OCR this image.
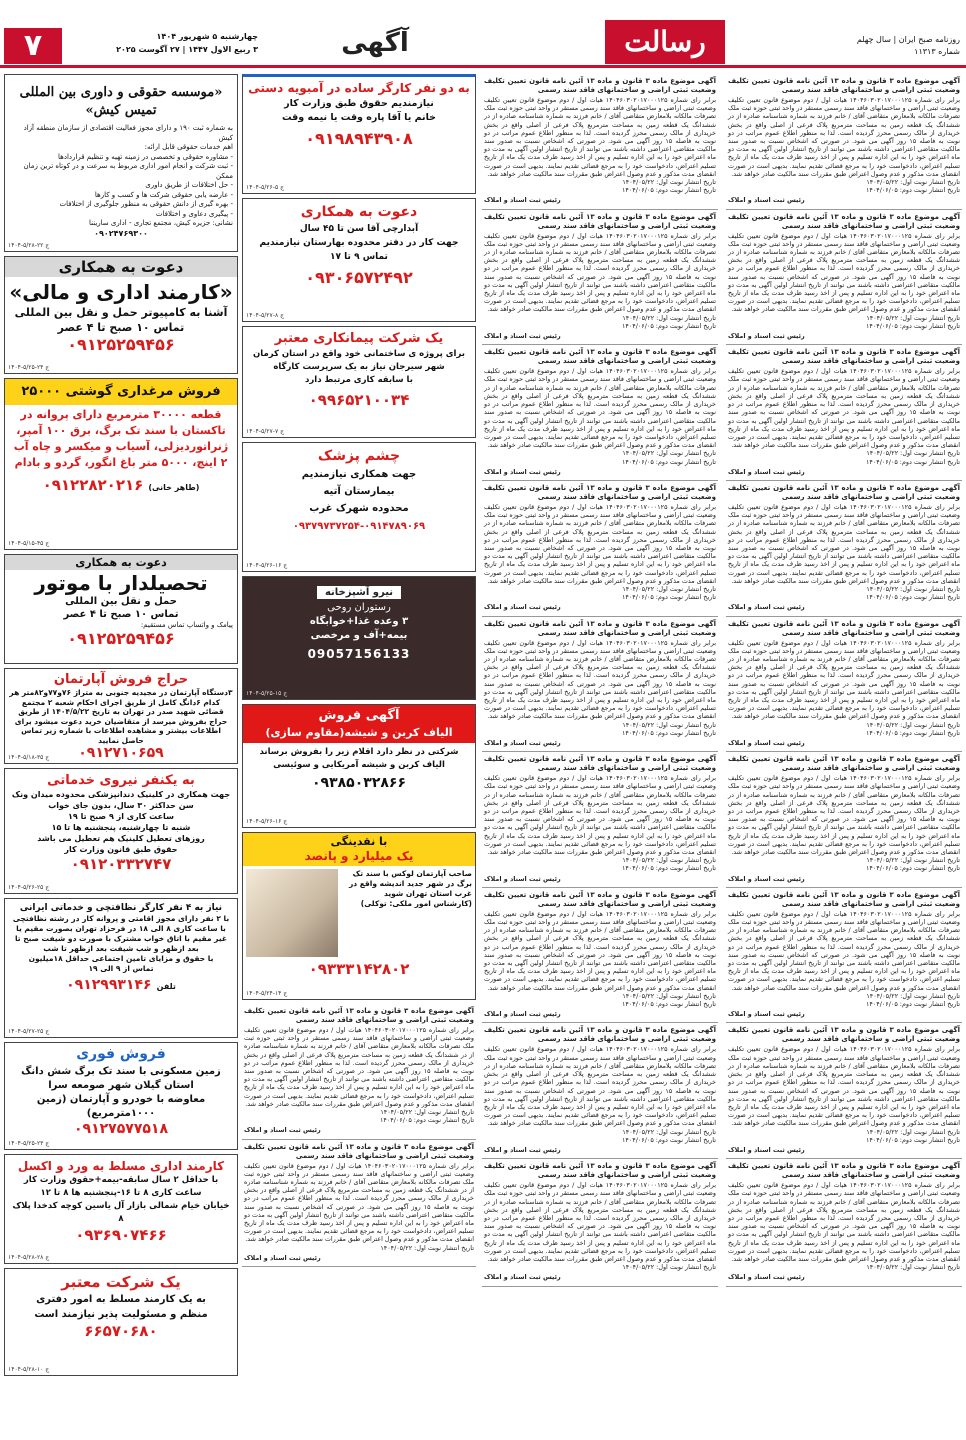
۷	چهارشنبه ۵ شهریور ۱۴۰۴
۳ ربیع الاول ۱۴۴۷ | ۲۷ آگوست ۲۰۲۵	آگهی	رسالت	روزنامه صبح ایران | سال چهلم
شماره ۱۱۳۱۳
«موسسه حقوقی و داوری بین المللی تمیس کیش»
به شماره ثبت ۱۹۰ و دارای مجوز فعالیت اقتصادی از سازمان منطقه آزاد کیش
اهم خدمات حقوقی قابل ارائه:
- مشاوره حقوقی و تخصصی در زمینه تهیه و تنظیم قراردادها
- ثبت شرکت و انجام امور اداری مربوط به سرعت و در کوتاه ترین زمان ممکن
- حل اختلافات از طریق داوری
- عارضه یابی حقوقی شرکت ها و کسب و کارها
- بهره گیری از دانش حقوقی به منظور جلوگیری از اختلافات
- پیگیری دعاوی و اختلافات
نشانی: جزیره کیش، مجتمع تجاری - اداری ساریننا
۰۹۰۲۴۷۶۹۳۰۰
ج ۲۲-۵/۲۸-۱۴۰۴
دعوت به همکاری
«کارمند اداری و مالی»
آشنا به کامپیوتر حمل و نقل بین المللی
تماس ۱۰ صبح تا ۴ عصر
۰۹۱۲۵۲۵۹۴۵۶
ج ۲۴-۵/۲۵-۱۴۰۴
فروش مرغداری گوشتی ۲۵۰۰۰
قطعه ۳۰۰۰۰ مترمربع دارای پروانه در تاکستان با سند تک برگ، برق ۱۰۰ آمپر، ژنراتوردیزلی، آسیاب و میکسر و چاه آب ۲ اینچ، ۵۰۰۰ متر باغ انگور، گردو و بادام
(طاهر خانی) ۰۹۱۲۲۸۲۰۲۱۶
ج ۴۵-۵/۱۵-۱۴۰۴
دعوت به همکاری
تحصیلدار با موتور
حمل و نقل بین المللی
تماس ۱۰ صبح تا ۴ عصر
پیامک و واتساپ تماس مستقیم:
۰۹۱۲۵۲۵۹۴۵۶
حراج فروش آپارتمان
۳دستگاه آپارتمان در مجیدیه جنوبی به متراژ ۷۶و۷۷و۸۲متر هر کدام ۶دانگ کامل از طریق اجرای احکام شعبه ۲ مجتمع قضائی شهید صدر در تهران به تاریخ ۱۴۰۴/۵/۲۲ از طریق حراج بفروش میرسد از متقاضیان خرید دعوت میشود برای اطلاعات بیشتر و مشاهده اطلاعات با شماره زیر تماس حاصل نمایید
۰۹۱۲۷۱۰۶۵۹
ج ۳۵-۵/۱۸-۱۴۰۴
به یکنفر نیروی خدماتی
جهت همکاری در کلینیک دندانپزشکی محدوده میدان ونک
سن حداکثر ۳۰ سال، بدون جای خواب
ساعت کاری از ۹ صبح تا ۱۹
شنبه تا چهارشنبه، پنجشنبه ها تا ۱۵
روزهای تعطیل کلینیک هم تعطیل می باشد
حقوق طبق قانون وزارت کار
۰۹۱۲۰۳۳۲۷۴۷
ج ۲۵-۵/۲۶-۱۴۰۴
نیاز به ۴ نفر کارگر نظافتچی و خدماتی ایرانی
با ۲ نفر دارای مجوز اقامتی و پروانه کار در رشته نظافتچی با ساعت کاری ۸ الی ۱۸ در فرحزاد تهران بصورت مقیم یا غیر مقیم با اتاق خواب مشترک با صورت دو شیفت صبح تا بعد ازظهر و شب شیفت بعد ازظهر تا شب
با حقوق و مزایای تامین اجتماعی حداقل ۱۸میلیون
تماس از ۹ الی ۱۹
تلفن ۰۹۱۲۹۹۳۱۴۶
ج ۲۵-۵/۲۷-۱۴۰۴
فروش فوری
زمین مسکونی با سند تک برگ شش دانگ
استان گیلان شهر صومعه سرا
معاوضه با خودرو و آپارتمان (زمین ۱۰۰۰مترمربع)
۰۹۱۲۷۵۷۷۵۱۸
ج ۲۳-۵/۲۵-۱۴۰۴
کارمند اداری مسلط به ورد و اکسل
با حداقل ۲ سال سابقه-بیمه+حقوق وزارت کار
ساعت کاری ۸ تا ۱۶-پنجشنبه ها ۸ تا ۱۲
خیابان خیام شمالی بازار آل یاسین کوچه کدخدا پلاک ۸
۰۹۳۶۹۰۷۴۶۶
ج ۲۸-۵/۲۸-۱۴۰۴
یک شرکت معتبر
به یک کارمند مسلط به امور دفتری
منظم و مسئولیت پذیر نیازمند است
۶۶۵۷۰۶۸۰
ج ۱۰-۵/۲۸-۱۴۰۴
به دو نفر کارگر ساده در آمبویه دستی
نیازمندیم حقوق طبق وزارت کار
خانم یا آقا پاره وقت یا نیمه وقت
۰۹۱۹۸۹۴۳۹۰۸
ج ۵-۵/۲۶-۱۴۰۴
دعوت به همکاری
آبدارچی آقا سن تا ۴۵ سال
جهت کار در دفتر محدوده بهارستان نیازمندیم
تماس ۹ تا ۱۷
۰۹۳۰۶۵۷۲۴۹۲
ج ۸-۵/۲۷-۱۴۰۴
یک شرکت پیمانکاری معتبر
برای پروژه ی ساختمانی خود واقع در استان کرمان
شهر سیرجان نیاز به یک سرپرست کارگاه
با سابقه کاری مرتبط دارد
۰۹۹۶۵۲۱۰۰۳۴
ج ۷-۵/۲۷-۱۴۰۴
چشم پزشک
جهت همکاری نیازمندیم
بیمارستان آتیه
محدوده شهرک غرب
۰۹۳۷۹۷۳۷۲۵۴-۰۹۱۴۷۸۹۰۶۹
ج ۱۶-۵/۲۶-۱۴۰۴
نیرو آشپزخانه
رستوران روحی
۳ وعده غذا+خوابگاه
بیمه+آف و مرخصی
09057156133
ج ۱۵-۵/۲۵-۱۴۰۴
آگهی فروش
الیاف کربن و شیشه(مقاوم سازی)
شرکتی در نظر دارد اقلام زیر را بفروش برساند
الیاف کربن و شیشه آمریکایی و سوئیسی
۰۹۳۸۵۰۳۲۸۶۶
ج ۱۶-۵/۲۶-۱۴۰۴
با نقدینگی
یک میلیارد و پانصد
صاحب آپارتمان لوکس با سند تک برگ در شهر جدید اندیشه واقع در غرب استان تهران شوید
(کارشناس امور ملکی: توکلی)
۰۹۳۳۳۱۴۲۸۰۲
ج ۱۴-۵/۲۴-۱۴۰۴
آگهی موضوع ماده ۳ قانون و ماده ۱۳ آئین نامه قانون تعیین تکلیف وضعیت ثبتی اراضی و ساختمانهای فاقد سند رسمی

برابر رای شماره ۱۴۰۴۶۰۳۰۲۰۱۷۰۰۰۱۲۵ هیات اول / دوم موضوع قانون تعیین تکلیف وضعیت ثبتی اراضی و ساختمانهای فاقد سند رسمی مستقر در واحد ثبتی حوزه ثبت ملک تصرفات مالکانه بلامعارض متقاضی آقای / خانم فرزند به شماره شناسنامه صادره از در ششدانگ یک قطعه زمین به مساحت مترمربع پلاک فرعی از اصلی واقع در بخش خریداری از مالک رسمی محرز گردیده است. لذا به منظور اطلاع عموم مراتب در دو نوبت به فاصله ۱۵ روز آگهی می شود. در صورتی که اشخاص نسبت به صدور سند مالکیت متقاضی اعتراضی داشته باشند می توانند از تاریخ انتشار اولین آگهی به مدت دو ماه اعتراض خود را به این اداره تسلیم و پس از اخذ رسید ظرف مدت یک ماه از تاریخ تسلیم اعتراض، دادخواست خود را به مرجع قضائی تقدیم نمایند. بدیهی است در صورت انقضای مدت مذکور و عدم وصول اعتراض طبق مقررات سند مالکیت صادر خواهد شد.

تاریخ انتشار نوبت اول: ۱۴۰۴/۰۵/۲۲

تاریخ انتشار نوبت دوم: ۱۴۰۴/۰۶/۰۵

رئیس ثبت اسناد و املاک

آگهی موضوع ماده ۳ قانون و ماده ۱۳ آئین نامه قانون تعیین تکلیف وضعیت ثبتی اراضی و ساختمانهای فاقد سند رسمی

برابر رای شماره ۱۴۰۴۶۰۳۰۲۰۱۷۰۰۰۱۲۵ هیات اول / دوم موضوع قانون تعیین تکلیف وضعیت ثبتی اراضی و ساختمانهای فاقد سند رسمی مستقر در واحد ثبتی حوزه ثبت ملک تصرفات مالکانه بلامعارض متقاضی آقای / خانم فرزند به شماره شناسنامه صادره از در ششدانگ یک قطعه زمین به مساحت مترمربع پلاک فرعی از اصلی واقع در بخش خریداری از مالک رسمی محرز گردیده است. لذا به منظور اطلاع عموم مراتب در دو نوبت به فاصله ۱۵ روز آگهی می شود. در صورتی که اشخاص نسبت به صدور سند مالکیت متقاضی اعتراضی داشته باشند می توانند از تاریخ انتشار اولین آگهی به مدت دو ماه اعتراض خود را به این اداره تسلیم و پس از اخذ رسید ظرف مدت یک ماه از تاریخ تسلیم اعتراض، دادخواست خود را به مرجع قضائی تقدیم نمایند. بدیهی است در صورت انقضای مدت مذکور و عدم وصول اعتراض طبق مقررات سند مالکیت صادر خواهد شد.

تاریخ انتشار نوبت اول: ۱۴۰۴/۰۵/۲۲

رئیس ثبت اسناد و املاک

آگهی موضوع ماده ۳ قانون و ماده ۱۳ آئین نامه قانون تعیین تکلیف وضعیت ثبتی اراضی و ساختمانهای فاقد سند رسمی

برابر رای شماره ۱۴۰۴۶۰۳۰۲۰۱۷۰۰۰۱۲۵ هیات اول / دوم موضوع قانون تعیین تکلیف وضعیت ثبتی اراضی و ساختمانهای فاقد سند رسمی مستقر در واحد ثبتی حوزه ثبت ملک تصرفات مالکانه بلامعارض متقاضی آقای / خانم فرزند به شماره شناسنامه صادره از در ششدانگ یک قطعه زمین به مساحت مترمربع پلاک فرعی از اصلی واقع در بخش خریداری از مالک رسمی محرز گردیده است. لذا به منظور اطلاع عموم مراتب در دو نوبت به فاصله ۱۵ روز آگهی می شود. در صورتی که اشخاص نسبت به صدور سند مالکیت متقاضی اعتراضی داشته باشند می توانند از تاریخ انتشار اولین آگهی به مدت دو ماه اعتراض خود را به این اداره تسلیم و پس از اخذ رسید ظرف مدت یک ماه از تاریخ تسلیم اعتراض، دادخواست خود را به مرجع قضائی تقدیم نمایند. بدیهی است در صورت انقضای مدت مذکور و عدم وصول اعتراض طبق مقررات سند مالکیت صادر خواهد شد.

تاریخ انتشار نوبت اول: ۱۴۰۴/۰۵/۲۲

تاریخ انتشار نوبت دوم: ۱۴۰۴/۰۶/۰۵

رئیس ثبت اسناد و املاک

آگهی موضوع ماده ۳ قانون و ماده ۱۳ آئین نامه قانون تعیین تکلیف وضعیت ثبتی اراضی و ساختمانهای فاقد سند رسمی

برابر رای شماره ۱۴۰۴۶۰۳۰۲۰۱۷۰۰۰۱۲۵ هیات اول / دوم موضوع قانون تعیین تکلیف وضعیت ثبتی اراضی و ساختمانهای فاقد سند رسمی مستقر در واحد ثبتی حوزه ثبت ملک تصرفات مالکانه بلامعارض متقاضی آقای / خانم فرزند به شماره شناسنامه صادره از در ششدانگ یک قطعه زمین به مساحت مترمربع پلاک فرعی از اصلی واقع در بخش خریداری از مالک رسمی محرز گردیده است. لذا به منظور اطلاع عموم مراتب در دو نوبت به فاصله ۱۵ روز آگهی می شود. در صورتی که اشخاص نسبت به صدور سند مالکیت متقاضی اعتراضی داشته باشند می توانند از تاریخ انتشار اولین آگهی به مدت دو ماه اعتراض خود را به این اداره تسلیم و پس از اخذ رسید ظرف مدت یک ماه از تاریخ تسلیم اعتراض، دادخواست خود را به مرجع قضائی تقدیم نمایند. بدیهی است در صورت انقضای مدت مذکور و عدم وصول اعتراض طبق مقررات سند مالکیت صادر خواهد شد.

تاریخ انتشار نوبت اول: ۱۴۰۴/۰۵/۲۲

تاریخ انتشار نوبت دوم: ۱۴۰۴/۰۶/۰۵

رئیس ثبت اسناد و املاک

آگهی موضوع ماده ۳ قانون و ماده ۱۳ آئین نامه قانون تعیین تکلیف وضعیت ثبتی اراضی و ساختمانهای فاقد سند رسمی

برابر رای شماره ۱۴۰۴۶۰۳۰۲۰۱۷۰۰۰۱۲۵ هیات اول / دوم موضوع قانون تعیین تکلیف وضعیت ثبتی اراضی و ساختمانهای فاقد سند رسمی مستقر در واحد ثبتی حوزه ثبت ملک تصرفات مالکانه بلامعارض متقاضی آقای / خانم فرزند به شماره شناسنامه صادره از در ششدانگ یک قطعه زمین به مساحت مترمربع پلاک فرعی از اصلی واقع در بخش خریداری از مالک رسمی محرز گردیده است. لذا به منظور اطلاع عموم مراتب در دو نوبت به فاصله ۱۵ روز آگهی می شود. در صورتی که اشخاص نسبت به صدور سند مالکیت متقاضی اعتراضی داشته باشند می توانند از تاریخ انتشار اولین آگهی به مدت دو ماه اعتراض خود را به این اداره تسلیم و پس از اخذ رسید ظرف مدت یک ماه از تاریخ تسلیم اعتراض، دادخواست خود را به مرجع قضائی تقدیم نمایند. بدیهی است در صورت انقضای مدت مذکور و عدم وصول اعتراض طبق مقررات سند مالکیت صادر خواهد شد.

تاریخ انتشار نوبت اول: ۱۴۰۴/۰۵/۲۲

تاریخ انتشار نوبت دوم: ۱۴۰۴/۰۶/۰۵

رئیس ثبت اسناد و املاک

آگهی موضوع ماده ۳ قانون و ماده ۱۳ آئین نامه قانون تعیین تکلیف وضعیت ثبتی اراضی و ساختمانهای فاقد سند رسمی

برابر رای شماره ۱۴۰۴۶۰۳۰۲۰۱۷۰۰۰۱۲۵ هیات اول / دوم موضوع قانون تعیین تکلیف وضعیت ثبتی اراضی و ساختمانهای فاقد سند رسمی مستقر در واحد ثبتی حوزه ثبت ملک تصرفات مالکانه بلامعارض متقاضی آقای / خانم فرزند به شماره شناسنامه صادره از در ششدانگ یک قطعه زمین به مساحت مترمربع پلاک فرعی از اصلی واقع در بخش خریداری از مالک رسمی محرز گردیده است. لذا به منظور اطلاع عموم مراتب در دو نوبت به فاصله ۱۵ روز آگهی می شود. در صورتی که اشخاص نسبت به صدور سند مالکیت متقاضی اعتراضی داشته باشند می توانند از تاریخ انتشار اولین آگهی به مدت دو ماه اعتراض خود را به این اداره تسلیم و پس از اخذ رسید ظرف مدت یک ماه از تاریخ تسلیم اعتراض، دادخواست خود را به مرجع قضائی تقدیم نمایند. بدیهی است در صورت انقضای مدت مذکور و عدم وصول اعتراض طبق مقررات سند مالکیت صادر خواهد شد.

تاریخ انتشار نوبت اول: ۱۴۰۴/۰۵/۲۲

تاریخ انتشار نوبت دوم: ۱۴۰۴/۰۶/۰۵

رئیس ثبت اسناد و املاک

آگهی موضوع ماده ۳ قانون و ماده ۱۳ آئین نامه قانون تعیین تکلیف وضعیت ثبتی اراضی و ساختمانهای فاقد سند رسمی

برابر رای شماره ۱۴۰۴۶۰۳۰۲۰۱۷۰۰۰۱۲۵ هیات اول / دوم موضوع قانون تعیین تکلیف وضعیت ثبتی اراضی و ساختمانهای فاقد سند رسمی مستقر در واحد ثبتی حوزه ثبت ملک تصرفات مالکانه بلامعارض متقاضی آقای / خانم فرزند به شماره شناسنامه صادره از در ششدانگ یک قطعه زمین به مساحت مترمربع پلاک فرعی از اصلی واقع در بخش خریداری از مالک رسمی محرز گردیده است. لذا به منظور اطلاع عموم مراتب در دو نوبت به فاصله ۱۵ روز آگهی می شود. در صورتی که اشخاص نسبت به صدور سند مالکیت متقاضی اعتراضی داشته باشند می توانند از تاریخ انتشار اولین آگهی به مدت دو ماه اعتراض خود را به این اداره تسلیم و پس از اخذ رسید ظرف مدت یک ماه از تاریخ تسلیم اعتراض، دادخواست خود را به مرجع قضائی تقدیم نمایند. بدیهی است در صورت انقضای مدت مذکور و عدم وصول اعتراض طبق مقررات سند مالکیت صادر خواهد شد.

تاریخ انتشار نوبت اول: ۱۴۰۴/۰۵/۲۲

تاریخ انتشار نوبت دوم: ۱۴۰۴/۰۶/۰۵

رئیس ثبت اسناد و املاک

آگهی موضوع ماده ۳ قانون و ماده ۱۳ آئین نامه قانون تعیین تکلیف وضعیت ثبتی اراضی و ساختمانهای فاقد سند رسمی

برابر رای شماره ۱۴۰۴۶۰۳۰۲۰۱۷۰۰۰۱۲۵ هیات اول / دوم موضوع قانون تعیین تکلیف وضعیت ثبتی اراضی و ساختمانهای فاقد سند رسمی مستقر در واحد ثبتی حوزه ثبت ملک تصرفات مالکانه بلامعارض متقاضی آقای / خانم فرزند به شماره شناسنامه صادره از در ششدانگ یک قطعه زمین به مساحت مترمربع پلاک فرعی از اصلی واقع در بخش خریداری از مالک رسمی محرز گردیده است. لذا به منظور اطلاع عموم مراتب در دو نوبت به فاصله ۱۵ روز آگهی می شود. در صورتی که اشخاص نسبت به صدور سند مالکیت متقاضی اعتراضی داشته باشند می توانند از تاریخ انتشار اولین آگهی به مدت دو ماه اعتراض خود را به این اداره تسلیم و پس از اخذ رسید ظرف مدت یک ماه از تاریخ تسلیم اعتراض، دادخواست خود را به مرجع قضائی تقدیم نمایند. بدیهی است در صورت انقضای مدت مذکور و عدم وصول اعتراض طبق مقررات سند مالکیت صادر خواهد شد.

تاریخ انتشار نوبت اول: ۱۴۰۴/۰۵/۲۲

تاریخ انتشار نوبت دوم: ۱۴۰۴/۰۶/۰۵

رئیس ثبت اسناد و املاک

آگهی موضوع ماده ۳ قانون و ماده ۱۳ آئین نامه قانون تعیین تکلیف وضعیت ثبتی اراضی و ساختمانهای فاقد سند رسمی

برابر رای شماره ۱۴۰۴۶۰۳۰۲۰۱۷۰۰۰۱۲۵ هیات اول / دوم موضوع قانون تعیین تکلیف وضعیت ثبتی اراضی و ساختمانهای فاقد سند رسمی مستقر در واحد ثبتی حوزه ثبت ملک تصرفات مالکانه بلامعارض متقاضی آقای / خانم فرزند به شماره شناسنامه صادره از در ششدانگ یک قطعه زمین به مساحت مترمربع پلاک فرعی از اصلی واقع در بخش خریداری از مالک رسمی محرز گردیده است. لذا به منظور اطلاع عموم مراتب در دو نوبت به فاصله ۱۵ روز آگهی می شود. در صورتی که اشخاص نسبت به صدور سند مالکیت متقاضی اعتراضی داشته باشند می توانند از تاریخ انتشار اولین آگهی به مدت دو ماه اعتراض خود را به این اداره تسلیم و پس از اخذ رسید ظرف مدت یک ماه از تاریخ تسلیم اعتراض، دادخواست خود را به مرجع قضائی تقدیم نمایند. بدیهی است در صورت انقضای مدت مذکور و عدم وصول اعتراض طبق مقررات سند مالکیت صادر خواهد شد.

تاریخ انتشار نوبت اول: ۱۴۰۴/۰۵/۲۲

تاریخ انتشار نوبت دوم: ۱۴۰۴/۰۶/۰۵

رئیس ثبت اسناد و املاک

آگهی موضوع ماده ۳ قانون و ماده ۱۳ آئین نامه قانون تعیین تکلیف وضعیت ثبتی اراضی و ساختمانهای فاقد سند رسمی

برابر رای شماره ۱۴۰۴۶۰۳۰۲۰۱۷۰۰۰۱۲۵ هیات اول / دوم موضوع قانون تعیین تکلیف وضعیت ثبتی اراضی و ساختمانهای فاقد سند رسمی مستقر در واحد ثبتی حوزه ثبت ملک تصرفات مالکانه بلامعارض متقاضی آقای / خانم فرزند به شماره شناسنامه صادره از در ششدانگ یک قطعه زمین به مساحت مترمربع پلاک فرعی از اصلی واقع در بخش خریداری از مالک رسمی محرز گردیده است. لذا به منظور اطلاع عموم مراتب در دو نوبت به فاصله ۱۵ روز آگهی می شود. در صورتی که اشخاص نسبت به صدور سند مالکیت متقاضی اعتراضی داشته باشند می توانند از تاریخ انتشار اولین آگهی به مدت دو ماه اعتراض خود را به این اداره تسلیم و پس از اخذ رسید ظرف مدت یک ماه از تاریخ تسلیم اعتراض، دادخواست خود را به مرجع قضائی تقدیم نمایند. بدیهی است در صورت انقضای مدت مذکور و عدم وصول اعتراض طبق مقررات سند مالکیت صادر خواهد شد.

تاریخ انتشار نوبت اول: ۱۴۰۴/۰۵/۲۲

تاریخ انتشار نوبت دوم: ۱۴۰۴/۰۶/۰۵

رئیس ثبت اسناد و املاک

آگهی موضوع ماده ۳ قانون و ماده ۱۳ آئین نامه قانون تعیین تکلیف وضعیت ثبتی اراضی و ساختمانهای فاقد سند رسمی

برابر رای شماره ۱۴۰۴۶۰۳۰۲۰۱۷۰۰۰۱۲۵ هیات اول / دوم موضوع قانون تعیین تکلیف وضعیت ثبتی اراضی و ساختمانهای فاقد سند رسمی مستقر در واحد ثبتی حوزه ثبت ملک تصرفات مالکانه بلامعارض متقاضی آقای / خانم فرزند به شماره شناسنامه صادره از در ششدانگ یک قطعه زمین به مساحت مترمربع پلاک فرعی از اصلی واقع در بخش خریداری از مالک رسمی محرز گردیده است. لذا به منظور اطلاع عموم مراتب در دو نوبت به فاصله ۱۵ روز آگهی می شود. در صورتی که اشخاص نسبت به صدور سند مالکیت متقاضی اعتراضی داشته باشند می توانند از تاریخ انتشار اولین آگهی به مدت دو ماه اعتراض خود را به این اداره تسلیم و پس از اخذ رسید ظرف مدت یک ماه از تاریخ تسلیم اعتراض، دادخواست خود را به مرجع قضائی تقدیم نمایند. بدیهی است در صورت انقضای مدت مذکور و عدم وصول اعتراض طبق مقررات سند مالکیت صادر خواهد شد.

تاریخ انتشار نوبت اول: ۱۴۰۴/۰۵/۲۲

رئیس ثبت اسناد و املاک

آگهی موضوع ماده ۳ قانون و ماده ۱۳ آئین نامه قانون تعیین تکلیف وضعیت ثبتی اراضی و ساختمانهای فاقد سند رسمی

برابر رای شماره ۱۴۰۴۶۰۳۰۲۰۱۷۰۰۰۱۲۵ هیات اول / دوم موضوع قانون تعیین تکلیف وضعیت ثبتی اراضی و ساختمانهای فاقد سند رسمی مستقر در واحد ثبتی حوزه ثبت ملک تصرفات مالکانه بلامعارض متقاضی آقای / خانم فرزند به شماره شناسنامه صادره از در ششدانگ یک قطعه زمین به مساحت مترمربع پلاک فرعی از اصلی واقع در بخش خریداری از مالک رسمی محرز گردیده است. لذا به منظور اطلاع عموم مراتب در دو نوبت به فاصله ۱۵ روز آگهی می شود. در صورتی که اشخاص نسبت به صدور سند مالکیت متقاضی اعتراضی داشته باشند می توانند از تاریخ انتشار اولین آگهی به مدت دو ماه اعتراض خود را به این اداره تسلیم و پس از اخذ رسید ظرف مدت یک ماه از تاریخ تسلیم اعتراض، دادخواست خود را به مرجع قضائی تقدیم نمایند. بدیهی است در صورت انقضای مدت مذکور و عدم وصول اعتراض طبق مقررات سند مالکیت صادر خواهد شد.

تاریخ انتشار نوبت اول: ۱۴۰۴/۰۵/۲۲

تاریخ انتشار نوبت دوم: ۱۴۰۴/۰۶/۰۵

رئیس ثبت اسناد و املاک

آگهی موضوع ماده ۳ قانون و ماده ۱۳ آئین نامه قانون تعیین تکلیف وضعیت ثبتی اراضی و ساختمانهای فاقد سند رسمی

برابر رای شماره ۱۴۰۴۶۰۳۰۲۰۱۷۰۰۰۱۲۵ هیات اول / دوم موضوع قانون تعیین تکلیف وضعیت ثبتی اراضی و ساختمانهای فاقد سند رسمی مستقر در واحد ثبتی حوزه ثبت ملک تصرفات مالکانه بلامعارض متقاضی آقای / خانم فرزند به شماره شناسنامه صادره از در ششدانگ یک قطعه زمین به مساحت مترمربع پلاک فرعی از اصلی واقع در بخش خریداری از مالک رسمی محرز گردیده است. لذا به منظور اطلاع عموم مراتب در دو نوبت به فاصله ۱۵ روز آگهی می شود. در صورتی که اشخاص نسبت به صدور سند مالکیت متقاضی اعتراضی داشته باشند می توانند از تاریخ انتشار اولین آگهی به مدت دو ماه اعتراض خود را به این اداره تسلیم و پس از اخذ رسید ظرف مدت یک ماه از تاریخ تسلیم اعتراض، دادخواست خود را به مرجع قضائی تقدیم نمایند. بدیهی است در صورت انقضای مدت مذکور و عدم وصول اعتراض طبق مقررات سند مالکیت صادر خواهد شد.

تاریخ انتشار نوبت اول: ۱۴۰۴/۰۵/۲۲

تاریخ انتشار نوبت دوم: ۱۴۰۴/۰۶/۰۵

رئیس ثبت اسناد و املاک

آگهی موضوع ماده ۳ قانون و ماده ۱۳ آئین نامه قانون تعیین تکلیف وضعیت ثبتی اراضی و ساختمانهای فاقد سند رسمی

برابر رای شماره ۱۴۰۴۶۰۳۰۲۰۱۷۰۰۰۱۲۵ هیات اول / دوم موضوع قانون تعیین تکلیف وضعیت ثبتی اراضی و ساختمانهای فاقد سند رسمی مستقر در واحد ثبتی حوزه ثبت ملک تصرفات مالکانه بلامعارض متقاضی آقای / خانم فرزند به شماره شناسنامه صادره از در ششدانگ یک قطعه زمین به مساحت مترمربع پلاک فرعی از اصلی واقع در بخش خریداری از مالک رسمی محرز گردیده است. لذا به منظور اطلاع عموم مراتب در دو نوبت به فاصله ۱۵ روز آگهی می شود. در صورتی که اشخاص نسبت به صدور سند مالکیت متقاضی اعتراضی داشته باشند می توانند از تاریخ انتشار اولین آگهی به مدت دو ماه اعتراض خود را به این اداره تسلیم و پس از اخذ رسید ظرف مدت یک ماه از تاریخ تسلیم اعتراض، دادخواست خود را به مرجع قضائی تقدیم نمایند. بدیهی است در صورت انقضای مدت مذکور و عدم وصول اعتراض طبق مقررات سند مالکیت صادر خواهد شد.

تاریخ انتشار نوبت اول: ۱۴۰۴/۰۵/۲۲

تاریخ انتشار نوبت دوم: ۱۴۰۴/۰۶/۰۵

رئیس ثبت اسناد و املاک

آگهی موضوع ماده ۳ قانون و ماده ۱۳ آئین نامه قانون تعیین تکلیف وضعیت ثبتی اراضی و ساختمانهای فاقد سند رسمی

برابر رای شماره ۱۴۰۴۶۰۳۰۲۰۱۷۰۰۰۱۲۵ هیات اول / دوم موضوع قانون تعیین تکلیف وضعیت ثبتی اراضی و ساختمانهای فاقد سند رسمی مستقر در واحد ثبتی حوزه ثبت ملک تصرفات مالکانه بلامعارض متقاضی آقای / خانم فرزند به شماره شناسنامه صادره از در ششدانگ یک قطعه زمین به مساحت مترمربع پلاک فرعی از اصلی واقع در بخش خریداری از مالک رسمی محرز گردیده است. لذا به منظور اطلاع عموم مراتب در دو نوبت به فاصله ۱۵ روز آگهی می شود. در صورتی که اشخاص نسبت به صدور سند مالکیت متقاضی اعتراضی داشته باشند می توانند از تاریخ انتشار اولین آگهی به مدت دو ماه اعتراض خود را به این اداره تسلیم و پس از اخذ رسید ظرف مدت یک ماه از تاریخ تسلیم اعتراض، دادخواست خود را به مرجع قضائی تقدیم نمایند. بدیهی است در صورت انقضای مدت مذکور و عدم وصول اعتراض طبق مقررات سند مالکیت صادر خواهد شد.

تاریخ انتشار نوبت اول: ۱۴۰۴/۰۵/۲۲

تاریخ انتشار نوبت دوم: ۱۴۰۴/۰۶/۰۵

رئیس ثبت اسناد و املاک

آگهی موضوع ماده ۳ قانون و ماده ۱۳ آئین نامه قانون تعیین تکلیف وضعیت ثبتی اراضی و ساختمانهای فاقد سند رسمی

برابر رای شماره ۱۴۰۴۶۰۳۰۲۰۱۷۰۰۰۱۲۵ هیات اول / دوم موضوع قانون تعیین تکلیف وضعیت ثبتی اراضی و ساختمانهای فاقد سند رسمی مستقر در واحد ثبتی حوزه ثبت ملک تصرفات مالکانه بلامعارض متقاضی آقای / خانم فرزند به شماره شناسنامه صادره از در ششدانگ یک قطعه زمین به مساحت مترمربع پلاک فرعی از اصلی واقع در بخش خریداری از مالک رسمی محرز گردیده است. لذا به منظور اطلاع عموم مراتب در دو نوبت به فاصله ۱۵ روز آگهی می شود. در صورتی که اشخاص نسبت به صدور سند مالکیت متقاضی اعتراضی داشته باشند می توانند از تاریخ انتشار اولین آگهی به مدت دو ماه اعتراض خود را به این اداره تسلیم و پس از اخذ رسید ظرف مدت یک ماه از تاریخ تسلیم اعتراض، دادخواست خود را به مرجع قضائی تقدیم نمایند. بدیهی است در صورت انقضای مدت مذکور و عدم وصول اعتراض طبق مقررات سند مالکیت صادر خواهد شد.

تاریخ انتشار نوبت اول: ۱۴۰۴/۰۵/۲۲

تاریخ انتشار نوبت دوم: ۱۴۰۴/۰۶/۰۵

رئیس ثبت اسناد و املاک

آگهی موضوع ماده ۳ قانون و ماده ۱۳ آئین نامه قانون تعیین تکلیف وضعیت ثبتی اراضی و ساختمانهای فاقد سند رسمی

برابر رای شماره ۱۴۰۴۶۰۳۰۲۰۱۷۰۰۰۱۲۵ هیات اول / دوم موضوع قانون تعیین تکلیف وضعیت ثبتی اراضی و ساختمانهای فاقد سند رسمی مستقر در واحد ثبتی حوزه ثبت ملک تصرفات مالکانه بلامعارض متقاضی آقای / خانم فرزند به شماره شناسنامه صادره از در ششدانگ یک قطعه زمین به مساحت مترمربع پلاک فرعی از اصلی واقع در بخش خریداری از مالک رسمی محرز گردیده است. لذا به منظور اطلاع عموم مراتب در دو نوبت به فاصله ۱۵ روز آگهی می شود. در صورتی که اشخاص نسبت به صدور سند مالکیت متقاضی اعتراضی داشته باشند می توانند از تاریخ انتشار اولین آگهی به مدت دو ماه اعتراض خود را به این اداره تسلیم و پس از اخذ رسید ظرف مدت یک ماه از تاریخ تسلیم اعتراض، دادخواست خود را به مرجع قضائی تقدیم نمایند. بدیهی است در صورت انقضای مدت مذکور و عدم وصول اعتراض طبق مقررات سند مالکیت صادر خواهد شد.

تاریخ انتشار نوبت اول: ۱۴۰۴/۰۵/۲۲

تاریخ انتشار نوبت دوم: ۱۴۰۴/۰۶/۰۵

رئیس ثبت اسناد و املاک

آگهی موضوع ماده ۳ قانون و ماده ۱۳ آئین نامه قانون تعیین تکلیف وضعیت ثبتی اراضی و ساختمانهای فاقد سند رسمی

برابر رای شماره ۱۴۰۴۶۰۳۰۲۰۱۷۰۰۰۱۲۵ هیات اول / دوم موضوع قانون تعیین تکلیف وضعیت ثبتی اراضی و ساختمانهای فاقد سند رسمی مستقر در واحد ثبتی حوزه ثبت ملک تصرفات مالکانه بلامعارض متقاضی آقای / خانم فرزند به شماره شناسنامه صادره از در ششدانگ یک قطعه زمین به مساحت مترمربع پلاک فرعی از اصلی واقع در بخش خریداری از مالک رسمی محرز گردیده است. لذا به منظور اطلاع عموم مراتب در دو نوبت به فاصله ۱۵ روز آگهی می شود. در صورتی که اشخاص نسبت به صدور سند مالکیت متقاضی اعتراضی داشته باشند می توانند از تاریخ انتشار اولین آگهی به مدت دو ماه اعتراض خود را به این اداره تسلیم و پس از اخذ رسید ظرف مدت یک ماه از تاریخ تسلیم اعتراض، دادخواست خود را به مرجع قضائی تقدیم نمایند. بدیهی است در صورت انقضای مدت مذکور و عدم وصول اعتراض طبق مقررات سند مالکیت صادر خواهد شد.

تاریخ انتشار نوبت اول: ۱۴۰۴/۰۵/۲۲

تاریخ انتشار نوبت دوم: ۱۴۰۴/۰۶/۰۵

رئیس ثبت اسناد و املاک

آگهی موضوع ماده ۳ قانون و ماده ۱۳ آئین نامه قانون تعیین تکلیف وضعیت ثبتی اراضی و ساختمانهای فاقد سند رسمی

برابر رای شماره ۱۴۰۴۶۰۳۰۲۰۱۷۰۰۰۱۲۵ هیات اول / دوم موضوع قانون تعیین تکلیف وضعیت ثبتی اراضی و ساختمانهای فاقد سند رسمی مستقر در واحد ثبتی حوزه ثبت ملک تصرفات مالکانه بلامعارض متقاضی آقای / خانم فرزند به شماره شناسنامه صادره از در ششدانگ یک قطعه زمین به مساحت مترمربع پلاک فرعی از اصلی واقع در بخش خریداری از مالک رسمی محرز گردیده است. لذا به منظور اطلاع عموم مراتب در دو نوبت به فاصله ۱۵ روز آگهی می شود. در صورتی که اشخاص نسبت به صدور سند مالکیت متقاضی اعتراضی داشته باشند می توانند از تاریخ انتشار اولین آگهی به مدت دو ماه اعتراض خود را به این اداره تسلیم و پس از اخذ رسید ظرف مدت یک ماه از تاریخ تسلیم اعتراض، دادخواست خود را به مرجع قضائی تقدیم نمایند. بدیهی است در صورت انقضای مدت مذکور و عدم وصول اعتراض طبق مقررات سند مالکیت صادر خواهد شد.

تاریخ انتشار نوبت اول: ۱۴۰۴/۰۵/۲۲

تاریخ انتشار نوبت دوم: ۱۴۰۴/۰۶/۰۵

رئیس ثبت اسناد و املاک

آگهی موضوع ماده ۳ قانون و ماده ۱۳ آئین نامه قانون تعیین تکلیف وضعیت ثبتی اراضی و ساختمانهای فاقد سند رسمی

برابر رای شماره ۱۴۰۴۶۰۳۰۲۰۱۷۰۰۰۱۲۵ هیات اول / دوم موضوع قانون تعیین تکلیف وضعیت ثبتی اراضی و ساختمانهای فاقد سند رسمی مستقر در واحد ثبتی حوزه ثبت ملک تصرفات مالکانه بلامعارض متقاضی آقای / خانم فرزند به شماره شناسنامه صادره از در ششدانگ یک قطعه زمین به مساحت مترمربع پلاک فرعی از اصلی واقع در بخش خریداری از مالک رسمی محرز گردیده است. لذا به منظور اطلاع عموم مراتب در دو نوبت به فاصله ۱۵ روز آگهی می شود. در صورتی که اشخاص نسبت به صدور سند مالکیت متقاضی اعتراضی داشته باشند می توانند از تاریخ انتشار اولین آگهی به مدت دو ماه اعتراض خود را به این اداره تسلیم و پس از اخذ رسید ظرف مدت یک ماه از تاریخ تسلیم اعتراض، دادخواست خود را به مرجع قضائی تقدیم نمایند. بدیهی است در صورت انقضای مدت مذکور و عدم وصول اعتراض طبق مقررات سند مالکیت صادر خواهد شد.

تاریخ انتشار نوبت اول: ۱۴۰۴/۰۵/۲۲

رئیس ثبت اسناد و املاک
